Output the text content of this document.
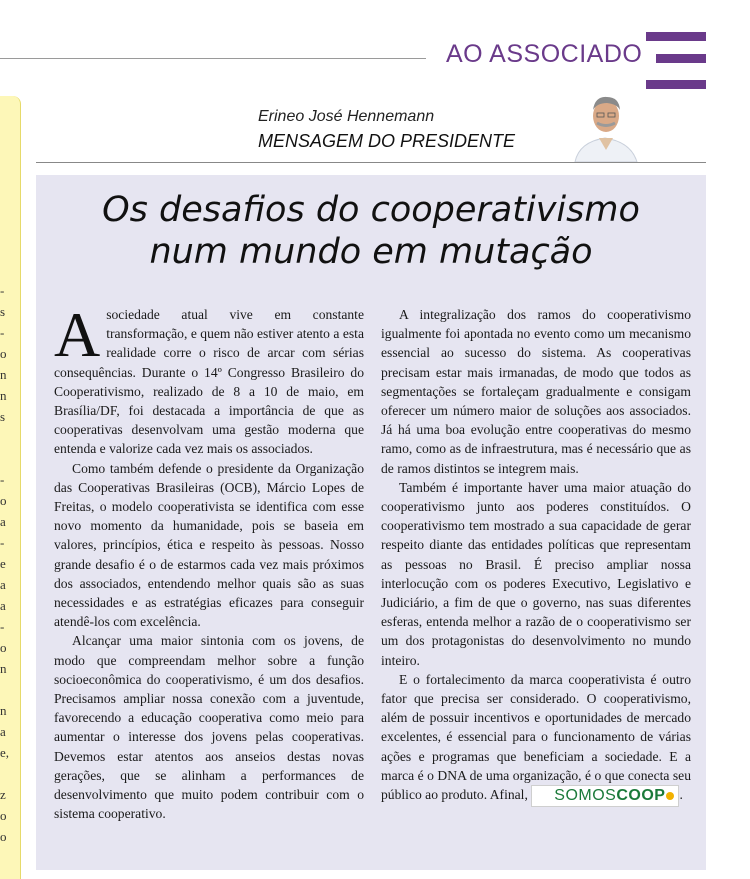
-
s
-
o
n
n
s
-
o
a
-
e
a
a
-
o
n
n
a
e,
z
o
o
AO ASSOCIADO
Erineo José Hennemann
MENSAGEM DO PRESIDENTE
Os desafios do cooperativismo
num mundo em mutação

Asociedade atual vive em constante transformação, e quem não estiver atento a esta realidade corre o risco de arcar com sérias consequências. Durante o 14º Congresso Brasileiro do Cooperativismo, realizado de 8 a 10 de maio, em Brasília/DF, foi destacada a importância de que as cooperativas desenvolvam uma gestão moderna que entenda e valorize cada vez mais os associados.

Como também defende o presidente da Organização das Cooperativas Brasileiras (OCB), Márcio Lopes de Freitas, o modelo cooperativista se identifica com esse novo momento da humanidade, pois se baseia em valores, princípios, ética e respeito às pessoas. Nosso grande desafio é o de estarmos cada vez mais próximos dos associados, entendendo melhor quais são as suas necessidades e as estratégias eficazes para conseguir atendê-los com excelência.

Alcançar uma maior sintonia com os jovens, de modo que compreendam melhor sobre a função socioeconômica do cooperativismo, é um dos desafios. Precisamos ampliar nossa conexão com a juventude, favorecendo a educação cooperativa como meio para aumentar o interesse dos jovens pelas cooperativas. Devemos estar atentos aos anseios destas novas gerações, que se alinham a performances de desenvolvimento que muito podem contribuir com o sistema cooperativo.

A integralização dos ramos do cooperativismo igualmente foi apontada no evento como um mecanismo essencial ao sucesso do sistema. As cooperativas precisam estar mais irmanadas, de modo que todos as segmentações se fortaleçam gradualmente e consigam oferecer um número maior de soluções aos associados. Já há uma boa evolução entre cooperativas do mesmo ramo, como as de infraestrutura, mas é necessário que as de ramos distintos se integrem mais.

Também é importante haver uma maior atuação do cooperativismo junto aos poderes constituídos. O cooperativismo tem mostrado a sua capacidade de gerar respeito diante das entidades políticas que representam as pessoas no Brasil. É preciso ampliar nossa interlocução com os poderes Executivo, Legislativo e Judiciário, a fim de que o governo, nas suas diferentes esferas, entenda melhor a razão de o cooperativismo ser um dos protagonistas do desenvolvimento no mundo inteiro.

E o fortalecimento da marca cooperativista é outro fator que precisa ser considerado. O cooperativismo, além de possuir incentivos e oportunidades de mercado excelentes, é essencial para o funcionamento de várias ações e programas que beneficiam a sociedade. E a marca é o DNA de uma organização, é o que conecta seu público ao produto. Afinal, SOMOSCOOP .
